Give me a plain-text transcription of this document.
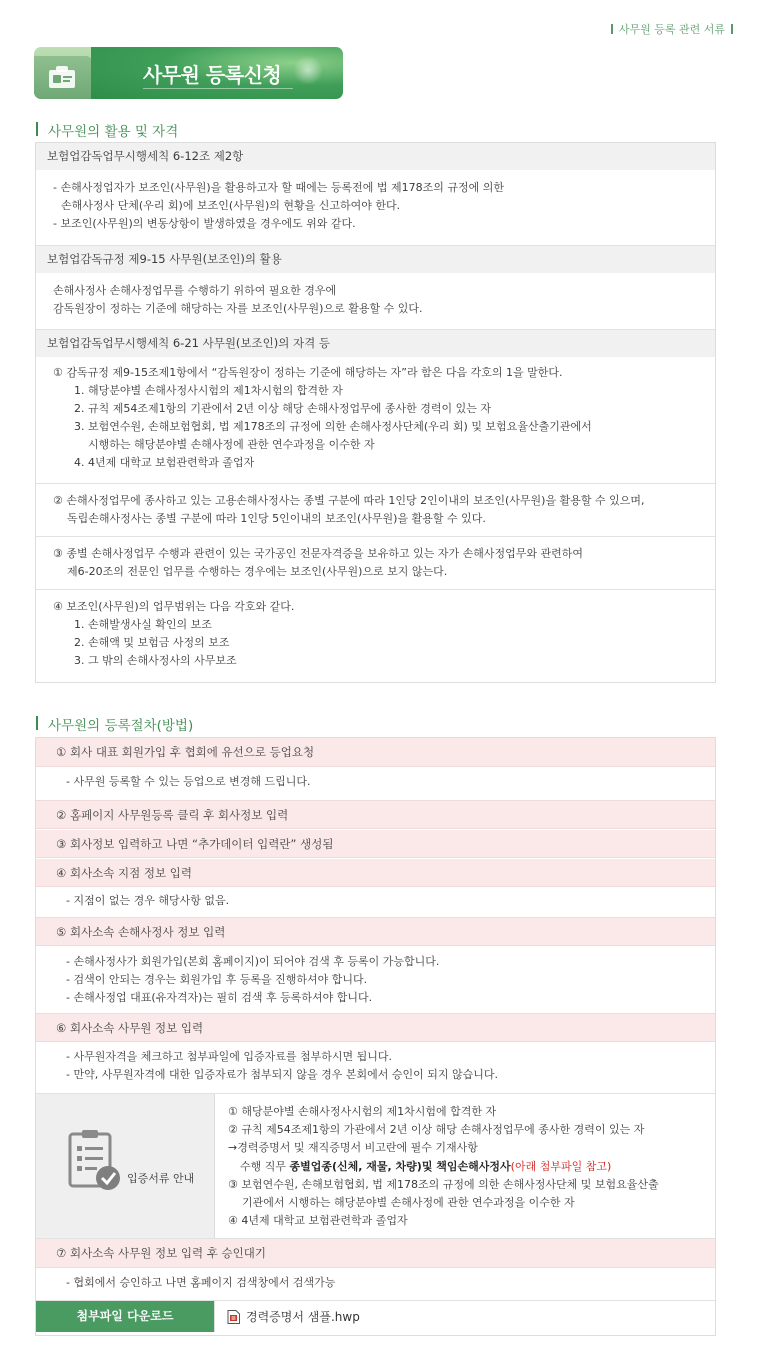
사무원 등록 관련 서류
사무원 등록신청
사무원의 활용 및 자격
보험업감독업무시행세칙 6-12조 제2항
- 손해사정업자가 보조인(사무원)을 활용하고자 할 때에는 등록전에 법 제178조의 규정에 의한
손해사정사 단체(우리 회)에 보조인(사무원)의 현황을 신고하여야 한다.
- 보조인(사무원)의 변동상항이 발생하였을 경우에도 위와 같다.
보험업감독규정 제9-15 사무원(보조인)의 활용
손해사정사 손해사정업무를 수행하기 위하여 필요한 경우에
감독원장이 정하는 기준에 해당하는 자를 보조인(사무원)으로 활용할 수 있다.
보험업감독업무시행세칙 6-21 사무원(보조인)의 자격 등
① 감독규정 제9-15조제1항에서 “감독원장이 정하는 기준에 해당하는 자”라 함은 다음 각호의 1을 말한다.
1. 해당분야별 손해사정사시험의 제1차시험의 합격한 자
2. 규칙 제54조제1항의 기관에서 2년 이상 해당 손해사정업무에 종사한 경력이 있는 자
3. 보험연수원, 손해보험협회, 법 제178조의 규정에 의한 손해사정사단체(우리 회) 및 보험요율산출기관에서
시행하는 해당분야별 손해사정에 관한 연수과정을 이수한 자
4. 4년제 대학교 보험관련학과 졸업자
② 손해사정업무에 종사하고 있는 고용손해사정사는 종별 구분에 따라 1인당 2인이내의 보조인(사무원)을 활용할 수 있으며,
독립손해사정사는 종별 구분에 따라 1인당 5인이내의 보조인(사무원)을 활용할 수 있다.
③ 종별 손해사정업무 수행과 관련이 있는 국가공인 전문자격증을 보유하고 있는 자가 손해사정업무와 관련하여
제6-20조의 전문인 업무를 수행하는 경우에는 보조인(사무원)으로 보지 않는다.
④ 보조인(사무원)의 업무범위는 다음 각호와 같다.
1. 손해발생사실 확인의 보조
2. 손해액 및 보험금 사정의 보조
3. 그 밖의 손해사정사의 사무보조
사무원의 등록절차(방법)
① 회사 대표 회원가입 후 협회에 유선으로 등업요청
- 사무원 등록할 수 있는 등업으로 변경해 드립니다.
② 홈페이지 사무원등록 클릭 후 회사정보 입력
③ 회사정보 입력하고 나면 “추가데이터 입력란” 생성됨
④ 회사소속 지점 정보 입력
- 지점이 없는 경우 해당사항 없음.
⑤ 회사소속 손해사정사 정보 입력
- 손해사정사가 회원가입(본회 홈페이지)이 되어야 검색 후 등록이 가능합니다.
- 검색이 안되는 경우는 회원가입 후 등록을 진행하셔야 합니다.
- 손해사정업 대표(유자격자)는 필히 검색 후 등록하셔야 합니다.
⑥ 회사소속 사무원 정보 입력
- 사무원자격을 체크하고 첨부파일에 입증자료를 첨부하시면 됩니다.
- 만약, 사무원자격에 대한 입증자료가 첨부되지 않을 경우 본회에서 승인이 되지 않습니다.
입증서류 안내
① 해당분야별 손해사정사시험의 제1차시험에 합격한 자
② 규칙 제54조제1항의 가관에서 2년 이상 해당 손해사정업무에 종사한 경력이 있는 자
→경력증명서 및 재직증명서 비고란에 필수 기재사항
수행 직무 종별업종(신체, 재물, 차량)및 책임손해사정사(아래 첨부파일 참고)
③ 보험연수원, 손해보험협회, 법 제178조의 규정에 의한 손해사정사단체 및 보험요율산출
기관에서 시행하는 해당분야별 손해사정에 관한 연수과정을 이수한 자
④ 4년제 대학교 보험관련학과 졸업자
⑦ 회사소속 사무원 정보 입력 후 승인대기
- 협회에서 승인하고 나면 홈페이지 검색창에서 검색가능
첨부파일 다운로드	경력증명서 샘플.hwp
